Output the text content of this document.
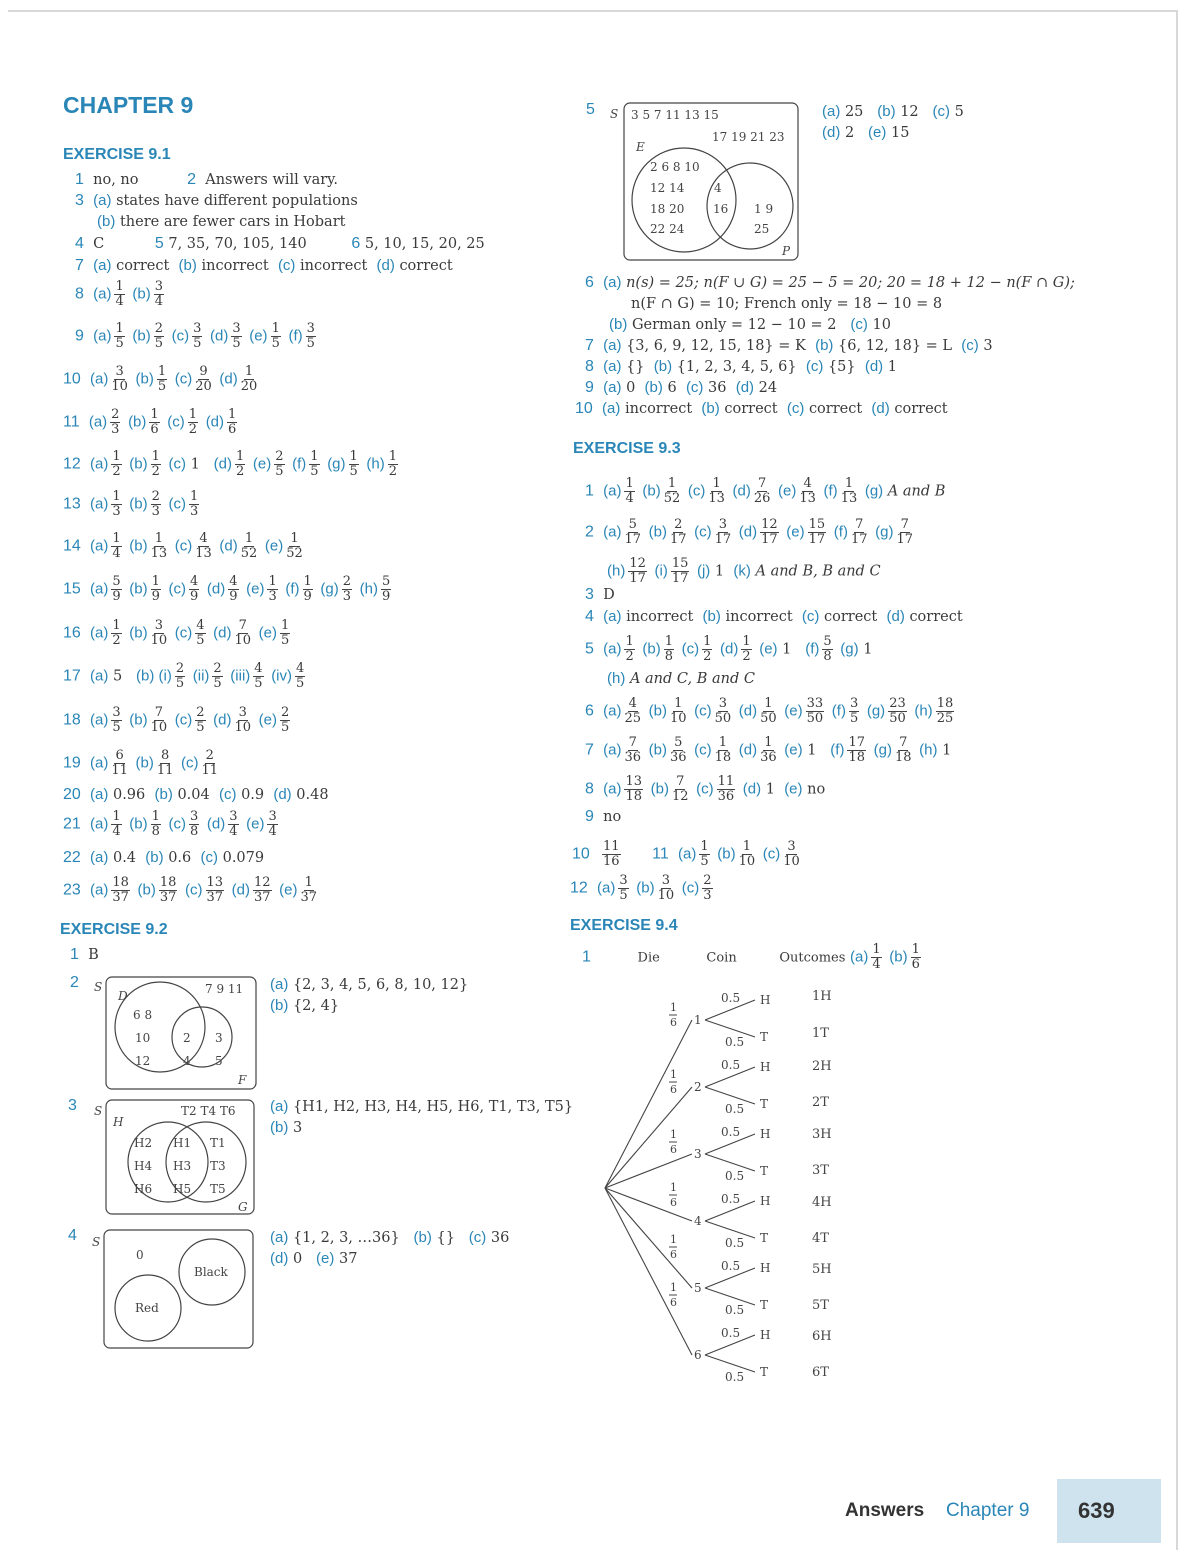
CHAPTER 9
EXERCISE 9.1
1 no, no	2 Answers will vary.
3 (a) states have different populations
(b) there are fewer cars in Hobart
4 C	5 7, 35, 70, 105, 140	6 5, 10, 15, 20, 25
7 (a) correct (b) incorrect (c) incorrect (d) correct
8 $(a) \frac{1}{4} (b) \frac{3}{4}$
9 $(a) \frac{1}{5} (b) \frac{2}{5} (c) \frac{3}{5} (d) \frac{3}{5} (e) \frac{1}{5} (f) \frac{3}{5}$
10 $(a) \frac{3}{10} (b) \frac{1}{5} (c) \frac{9}{20} (d) \frac{1}{20}$
11 $(a) \frac{2}{3} (b) \frac{1}{6} (c) \frac{1}{2} (d) \frac{1}{6}$
12 $(a) \frac{1}{2} (b) \frac{1}{2} (c)$ 1   $(d) \frac{1}{2} (e) \frac{2}{5} (f) \frac{1}{5} (g) \frac{1}{5} (h) \frac{1}{2}$
13 $(a) \frac{1}{3} (b) \frac{2}{3} (c) \frac{1}{3}$
14 $(a) \frac{1}{4} (b) \frac{1}{13} (c) \frac{4}{13} (d) \frac{1}{52} (e) \frac{1}{52}$
15 $(a) \frac{5}{9} (b) \frac{1}{9} (c) \frac{4}{9} (d) \frac{4}{9} (e) \frac{1}{3} (f) \frac{1}{9} (g) \frac{2}{3} (h) \frac{5}{9}$
16 $(a) \frac{1}{2} (b) \frac{3}{10} (c) \frac{4}{5} (d) \frac{7}{10} (e) \frac{1}{5}$
17 (a) 5   (b) $(i) \frac{2}{5} (ii) \frac{2}{5} (iii) \frac{4}{5} (iv) \frac{4}{5}$
18 $(a) \frac{3}{5} (b) \frac{7}{10} (c) \frac{2}{5} (d) \frac{3}{10} (e) \frac{2}{5}$
19 $(a) \frac{6}{11} (b) \frac{8}{11} (c) \frac{2}{11}$
20 (a) 0.96 (b) 0.04 (c) 0.9 (d) 0.48
21 $(a) \frac{1}{4} (b) \frac{1}{8} (c) \frac{3}{8} (d) \frac{3}{4} (e) \frac{3}{4}$
22 (a) 0.4 (b) 0.6 (c) 0.079
23 $(a) \frac{18}{37} (b) \frac{18}{37} (c) \frac{13}{37} (d) \frac{12}{37} (e) \frac{1}{37}$
EXERCISE 9.2
1 B
2 S	7 9 11
D
6 8
10
12
2
4
3
5
F
(a) {2, 3, 4, 5, 6, 8, 10, 12}
(b) {2, 4}
3 S	T2 T4 T6
H
H2
H4
H6
H1
H3
H5
T1
T3
T5
G
(a) {H1, H2, H3, H4, H5, H6, T1, T3, T5}
(b) 3
4 S
0
Black
Red
(a) {1, 2, 3, …36} (b) {} (c) 36
(d) 0 (e) 37
5 S 3 5 7 11 13 15
17 19 21 23
E
2 6 8 10
12 14
18 20
22 24
4
16 1 9
25
P
(a) 25 (b) 12 (c) 5
(d) 2 (e) 15
6 (a) n(s) = 25; n(F ∪ G) = 25 − 5 = 20; 20 = 18 + 12 − n(F ∩ G);
n(F ∩ G) = 10; French only = 18 − 10 = 8
(b) German only = 12 − 10 = 2 (c) 10
7 (a) {3, 6, 9, 12, 15, 18} = K (b) {6, 12, 18} = L (c) 3
8 (a) {} (b) {1, 2, 3, 4, 5, 6} (c) {5} (d) 1
9 (a) 0 (b) 6 (c) 36 (d) 24
10 (a) incorrect (b) correct (c) correct (d) correct
EXERCISE 9.3
1 $(a) \frac{1}{4} (b) \frac{1}{52} (c) \frac{1}{13} (d) \frac{7}{26} (e) \frac{4}{13} (f) \frac{1}{13} (g)$ A and B
2 $(a) \frac{5}{17} (b) \frac{2}{17} (c) \frac{3}{17} (d) \frac{12}{17} (e) \frac{15}{17} (f) \frac{7}{17} (g) \frac{7}{17}$
$(h) \frac{12}{17} (i) \frac{15}{17} (j)$ 1 (k) A and B, B and C
3 D
4 (a) incorrect (b) incorrect (c) correct (d) correct
5 $(a) \frac{1}{2} (b) \frac{1}{8} (c) \frac{1}{2} (d) \frac{1}{2} (e)$ 1 $(f) \frac{5}{8} (g)$ 1
(h) A and C, B and C
6 $(a) \frac{4}{25} (b) \frac{1}{10} (c) \frac{3}{50} (d) \frac{1}{50} (e) \frac{33}{50} (f) \frac{3}{5} (g) \frac{23}{50} (h) \frac{18}{25}$
7 $(a) \frac{7}{36} (b) \frac{5}{36} (c) \frac{1}{18} (d) \frac{1}{36} (e)$ 1 $(f) \frac{17}{18} (g) \frac{7}{18} (h)$ 1
8 $(a) \frac{13}{18} (b) \frac{7}{12} (c) \frac{11}{36} (d)$ 1 (e) no
9 no
$10 \frac{11}{16} 11$ $(a) \frac{1}{5} (b) \frac{1}{10} (c) \frac{3}{10}$
12 $(a) \frac{3}{5} (b) \frac{3}{10} (c) \frac{2}{3}$
EXERCISE 9.4
1	Die	Coin	Outcomes $(a) \frac{1}{4} (b) \frac{1}{6}$
1
6
1
6
1
6
1
6
1
6
1
6
1
2
3
4
5
6
0.5 H
0.5 T
0.5 H
0.5 T
0.5 H
0.5 T
0.5 H
0.5 T
0.5 H
0.5 T
0.5 H
0.5 T
1H
1T
2H
2T
3H
3T
4H
4T
5H
5T
6H
6T
Answers Chapter 9 639
